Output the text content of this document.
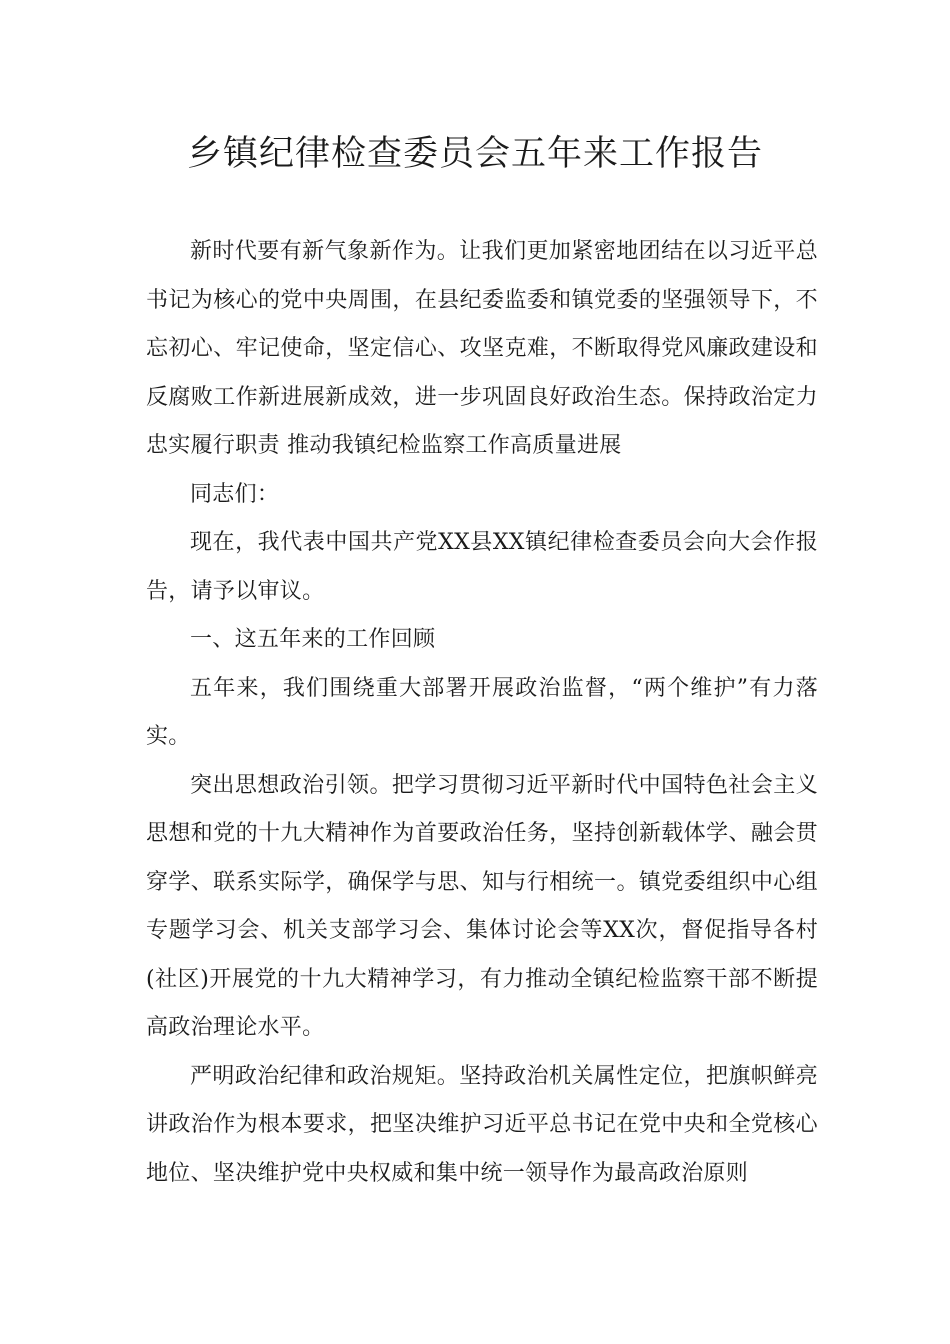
乡镇纪律检查委员会五年来工作报告

新时代要有新气象新作为。让我们更加紧密地团结在以习近平总书记为核心的党中央周围，在县纪委监委和镇党委的坚强领导下，不忘初心、牢记使命，坚定信心、攻坚克难，不断取得党风廉政建设和反腐败工作新进展新成效，进一步巩固良好政治生态。保持政治定力忠实履行职责 推动我镇纪检监察工作高质量进展

同志们：

现在，我代表中国共产党XX县XX镇纪律检查委员会向大会作报告，请予以审议。

一、这五年来的工作回顾

五年来，我们围绕重大部署开展政治监督，“两个维护”有力落实。

突出思想政治引领。把学习贯彻习近平新时代中国特色社会主义思想和党的十九大精神作为首要政治任务，坚持创新载体学、融会贯穿学、联系实际学，确保学与思、知与行相统一。镇党委组织中心组专题学习会、机关支部学习会、集体讨论会等XX次，督促指导各村(社区)开展党的十九大精神学习，有力推动全镇纪检监察干部不断提高政治理论水平。

严明政治纪律和政治规矩。坚持政治机关属性定位，把旗帜鲜亮讲政治作为根本要求，把坚决维护习近平总书记在党中央和全党核心地位、坚决维护党中央权威和集中统一领导作为最高政治原则
